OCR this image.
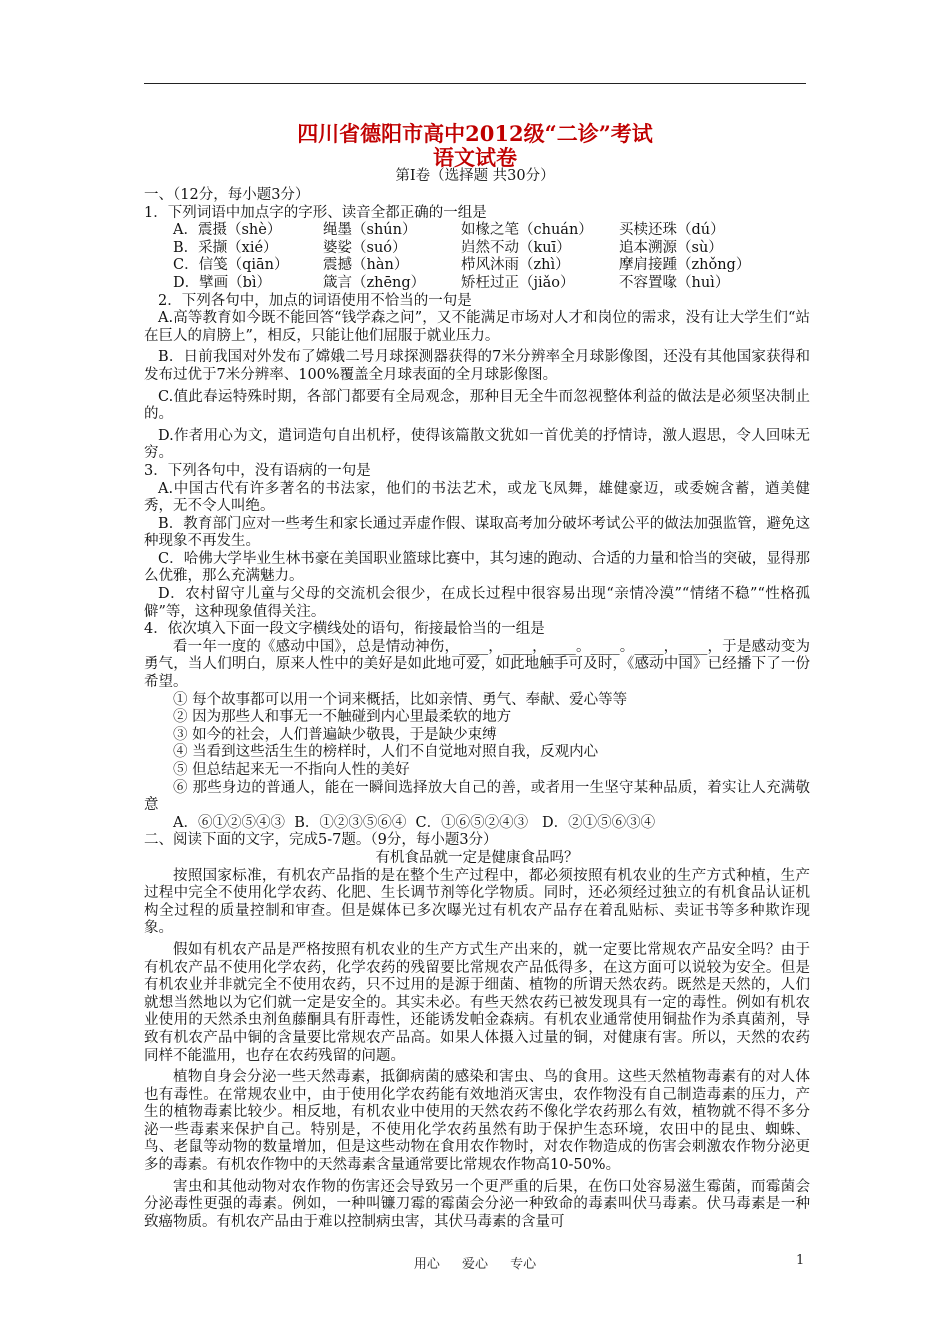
四川省德阳市高中2012级“二诊”考试
语文试卷
第Ⅰ卷（选择题 共30分）
一、（12分，每小题3分）
1．下列词语中加点字的字形、读音全都正确的一组是
A．震摄（shè）	绳墨（shún）	如椽之笔（chuán）	买椟还珠（dú）
B．采撷（xié）	婆娑（suó）	岿然不动（kuī）	追本溯源（sù）
C．信笺（qiān）	震撼（hàn）	栉风沐雨（zhì）	摩肩接踵（zhǒng）
D．擘画（bì）	箴言（zhēng）	矫枉过正（jiǎo）	不容置喙（huì）
2．下列各句中，加点的词语使用不恰当的一句是
A.高等教育如今既不能回答“钱学森之问”，又不能满足市场对人才和岗位的需求，没有让大学生们“站在巨人的肩膀上”，相反，只能让他们屈服于就业压力。
B．日前我国对外发布了嫦娥二号月球探测器获得的7米分辨率全月球影像图，还没有其他国家获得和发布过优于7米分辨率、100%覆盖全月球表面的全月球影像图。
C.值此春运特殊时期，各部门都要有全局观念，那种目无全牛而忽视整体利益的做法是必须坚决制止的。
D.作者用心为文，遣词造句自出机杼，使得该篇散文犹如一首优美的抒情诗，激人遐思，令人回味无穷。
3．下列各句中，没有语病的一句是
A.中国古代有许多著名的书法家，他们的书法艺术，或龙飞凤舞，雄健豪迈，或委婉含蓄，遒美健秀，无不令人叫绝。
B．教育部门应对一些考生和家长通过弄虚作假、谋取高考加分破坏考试公平的做法加强监管，避免这种现象不再发生。
C．哈佛大学毕业生林书豪在美国职业篮球比赛中，其匀速的跑动、合适的力量和恰当的突破，显得那么优雅，那么充满魅力。
D．农村留守儿童与父母的交流机会很少，在成长过程中很容易出现“亲情冷漠”“情绪不稳”“性格孤僻”等，这种现象值得关注。
4．依次填入下面一段文字横线处的语句，衔接最恰当的一组是
看一年一度的《感动中国》，总是情动神伤，____，____，____。____。____，____，于是感动变为勇气，当人们明白，原来人性中的美好是如此地可爱，如此地触手可及时，《感动中国》已经播下了一份希望。
① 每个故事都可以用一个词来概括，比如亲情、勇气、奉献、爱心等等
② 因为那些人和事无一不触碰到内心里最柔软的地方
③ 如今的社会，人们普遍缺少敬畏，于是缺少束缚
④ 当看到这些活生生的榜样时，人们不自觉地对照自我，反观内心
⑤ 但总结起来无一不指向人性的美好
⑥ 那些身边的普通人，能在一瞬间选择放大自己的善，或者用一生坚守某种品质，着实让人充满敬意
A．⑥①②⑤④③  B．①②③⑤⑥④  C．①⑥⑤②④③   D．②①⑤⑥③④
二、阅读下面的文字，完成5-7题。（9分，每小题3分）
有机食品就一定是健康食品吗？
按照国家标准，有机农产品指的是在整个生产过程中，都必须按照有机农业的生产方式种植，生产过程中完全不使用化学农药、化肥、生长调节剂等化学物质。同时，还必须经过独立的有机食品认证机构全过程的质量控制和审查。但是媒体已多次曝光过有机农产品存在着乱贴标、卖证书等多种欺诈现象。
假如有机农产品是严格按照有机农业的生产方式生产出来的，就一定要比常规农产品安全吗？由于有机农产品不使用化学农药，化学农药的残留要比常规农产品低得多，在这方面可以说较为安全。但是有机农业并非就完全不使用农药，只不过用的是源于细菌、植物的所谓天然农药。既然是天然的，人们就想当然地以为它们就一定是安全的。其实未必。有些天然农药已被发现具有一定的毒性。例如有机农业使用的天然杀虫剂鱼藤酮具有肝毒性，还能诱发帕金森病。有机农业通常使用铜盐作为杀真菌剂，导致有机农产品中铜的含量要比常规农产品高。如果人体摄入过量的铜，对健康有害。所以，天然的农药同样不能滥用，也存在农药残留的问题。
植物自身会分泌一些天然毒素，抵御病菌的感染和害虫、鸟的食用。这些天然植物毒素有的对人体也有毒性。在常规农业中，由于使用化学农药能有效地消灭害虫，农作物没有自己制造毒素的压力，产生的植物毒素比较少。相反地，有机农业中使用的天然农药不像化学农药那么有效，植物就不得不多分泌一些毒素来保护自己。特别是，不使用化学农药虽然有助于保护生态环境，农田中的昆虫、蜘蛛、鸟、老鼠等动物的数量增加，但是这些动物在食用农作物时，对农作物造成的伤害会刺激农作物分泌更多的毒素。有机农作物中的天然毒素含量通常要比常规农作物高10-50%。
害虫和其他动物对农作物的伤害还会导致另一个更严重的后果，在伤口处容易滋生霉菌，而霉菌会分泌毒性更强的毒素。例如，一种叫镰刀霉的霉菌会分泌一种致命的毒素叫伏马毒素。伏马毒素是一种致癌物质。有机农产品由于难以控制病虫害，其伏马毒素的含量可
用心 爱心 专心	1
